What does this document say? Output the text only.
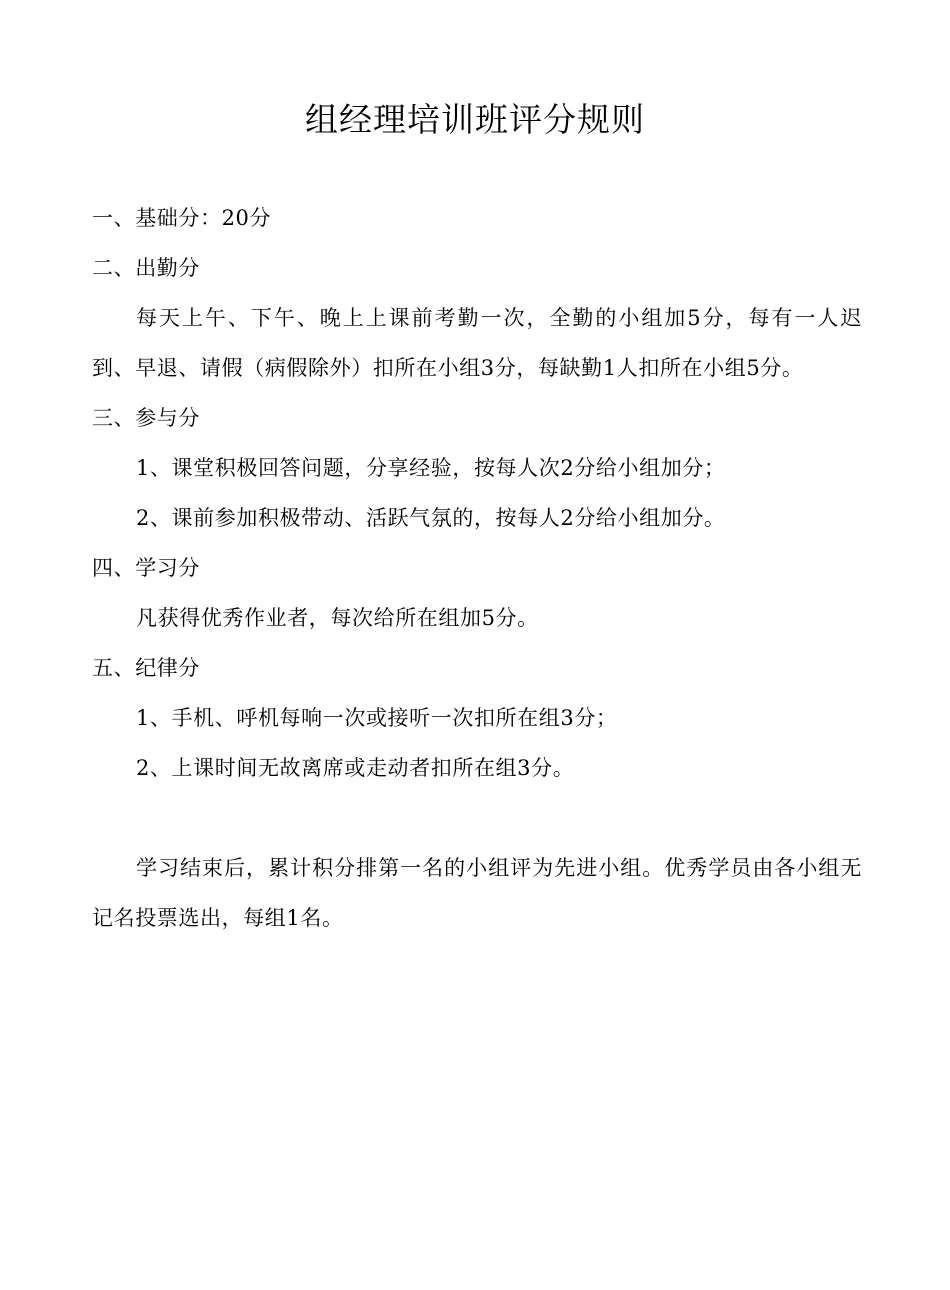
组经理培训班评分规则

一、基础分：20分

二、出勤分

每天上午、下午、晚上上课前考勤一次，全勤的小组加5分，每有一人迟到、早退、请假（病假除外）扣所在小组3分，每缺勤1人扣所在小组5分。

三、参与分

1、课堂积极回答问题，分享经验，按每人次2分给小组加分；

2、课前参加积极带动、活跃气氛的，按每人2分给小组加分。

四、学习分

凡获得优秀作业者，每次给所在组加5分。

五、纪律分

1、手机、呼机每响一次或接听一次扣所在组3分；

2、上课时间无故离席或走动者扣所在组3分。

学习结束后，累计积分排第一名的小组评为先进小组。优秀学员由各小组无记名投票选出，每组1名。
